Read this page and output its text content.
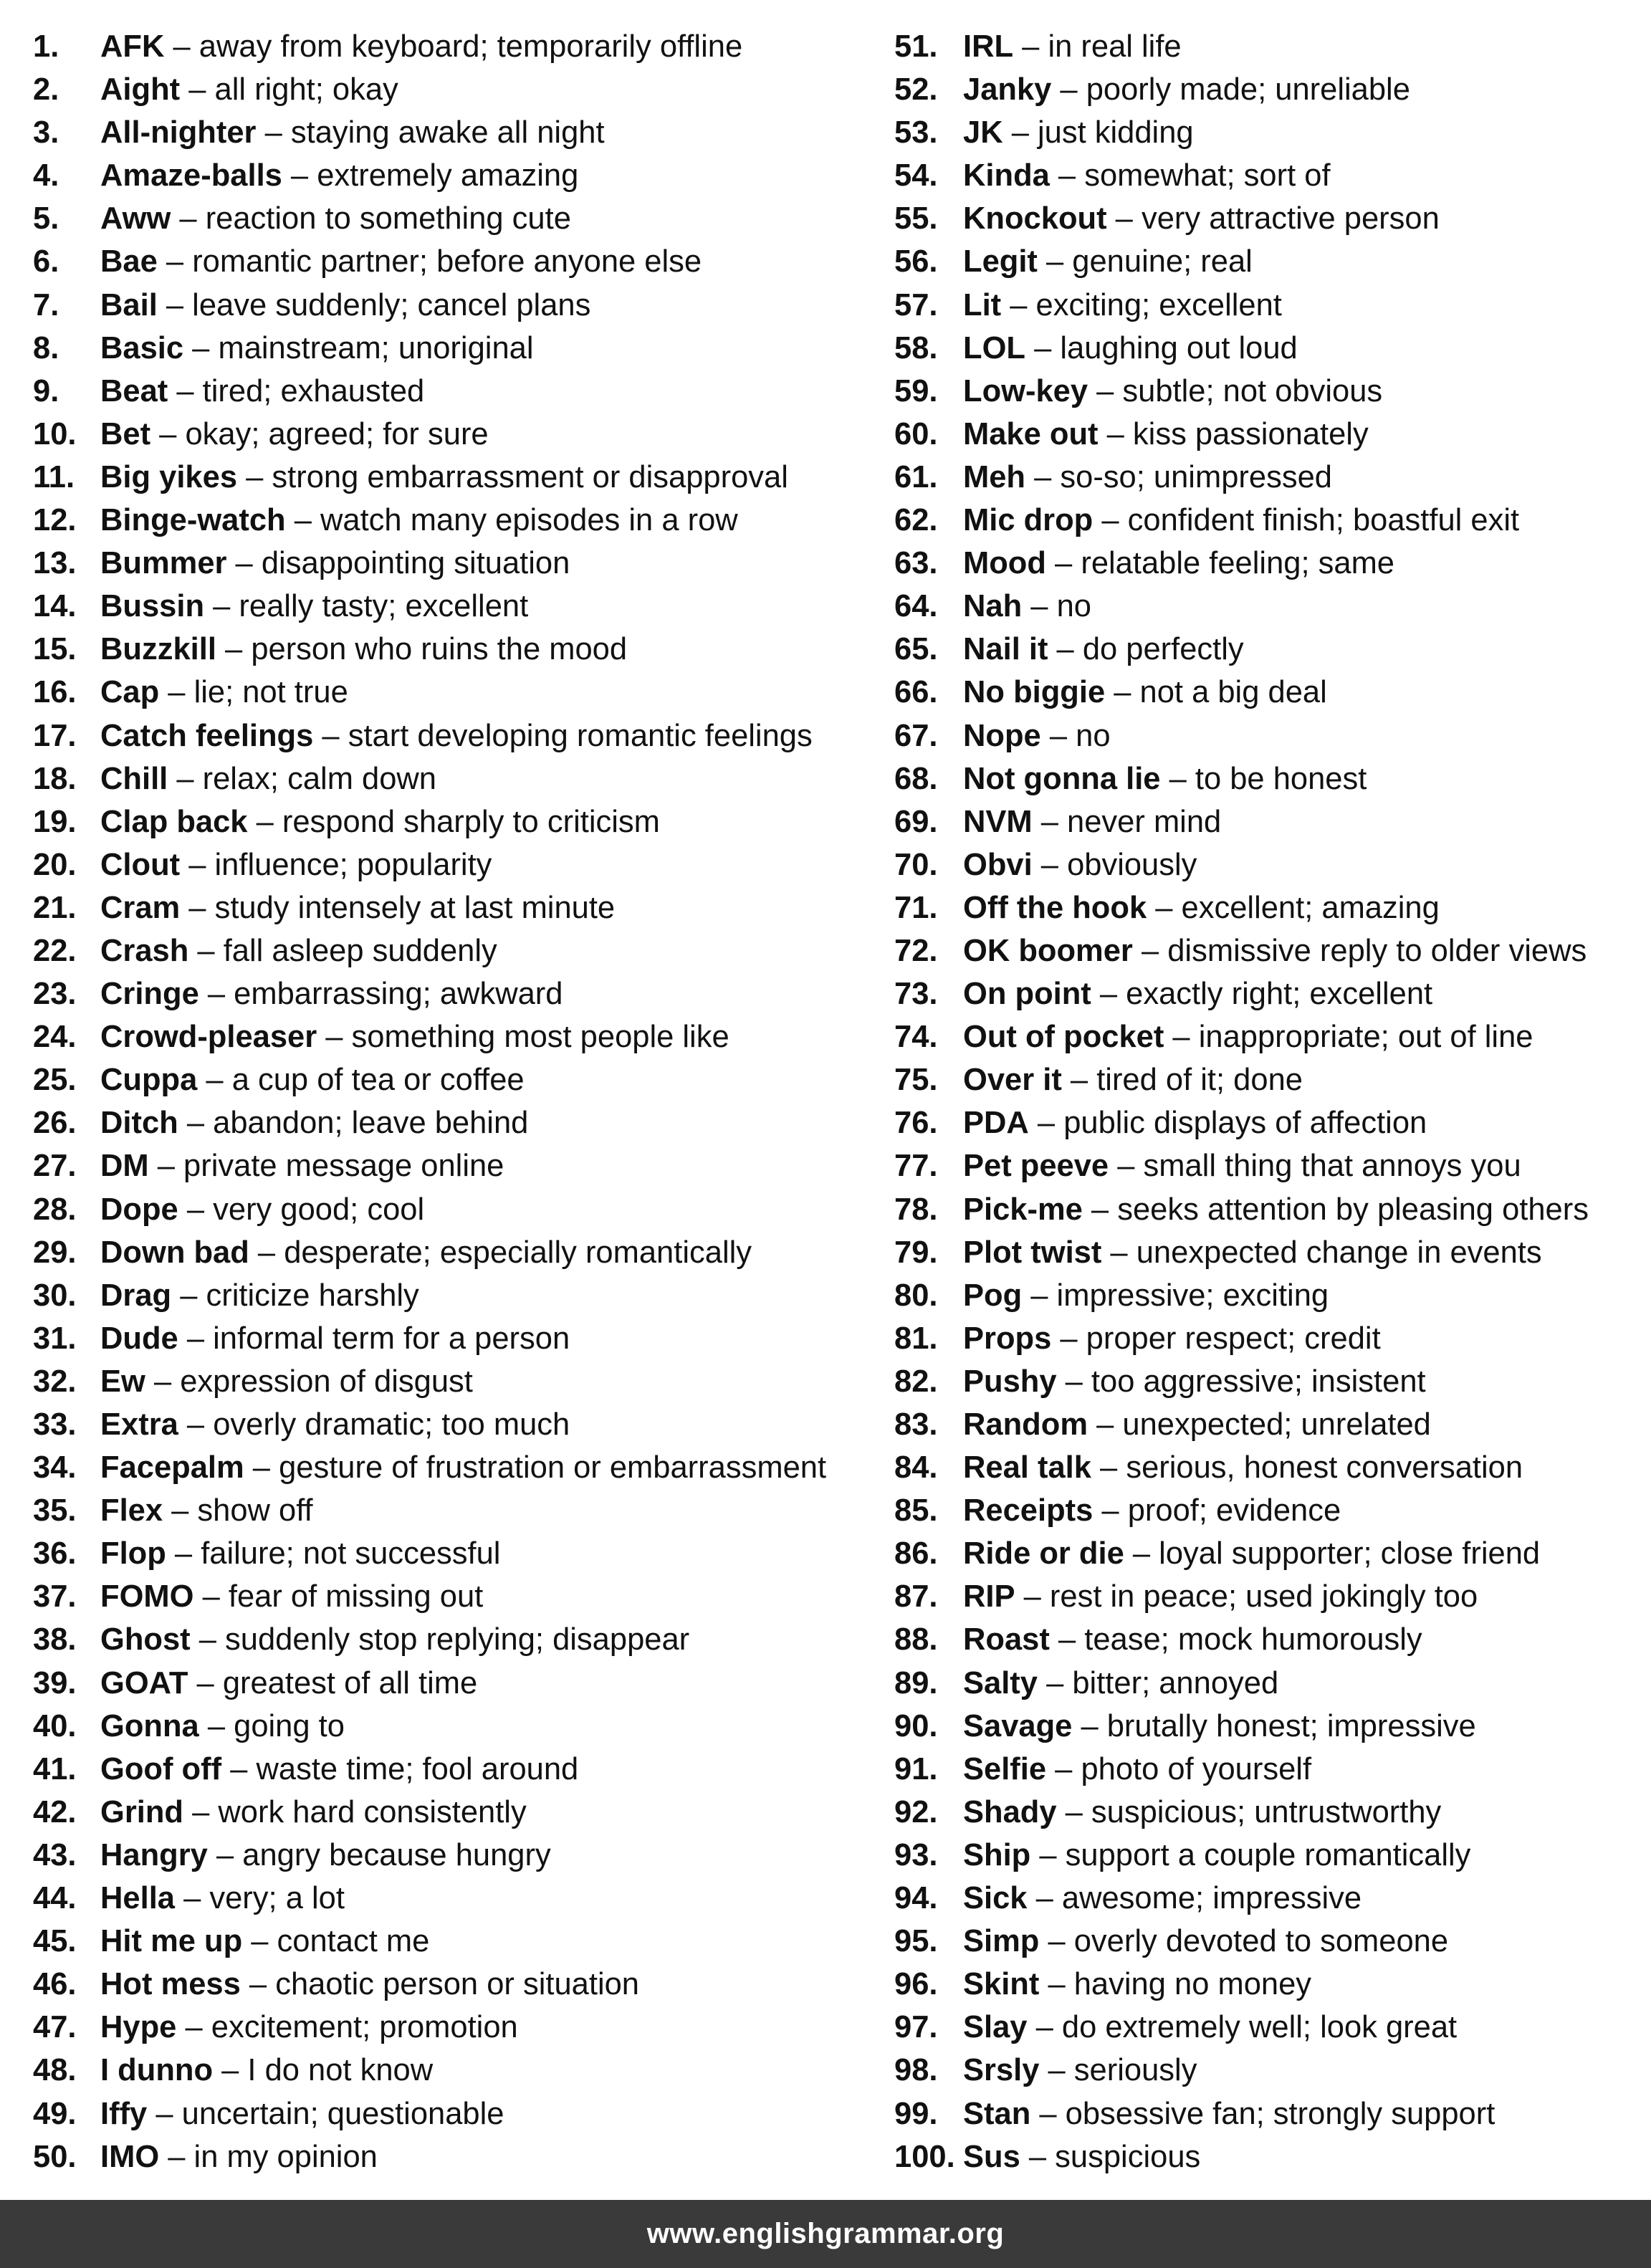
1.	AFK – away from keyboard; temporarily offline
2.	Aight – all right; okay
3.	All-nighter – staying awake all night
4.	Amaze-balls – extremely amazing
5.	Aww – reaction to something cute
6.	Bae – romantic partner; before anyone else
7.	Bail – leave suddenly; cancel plans
8.	Basic – mainstream; unoriginal
9.	Beat – tired; exhausted
10. Bet – okay; agreed; for sure
11. Big yikes – strong embarrassment or disapproval
12. Binge-watch – watch many episodes in a row
13. Bummer – disappointing situation
14. Bussin – really tasty; excellent
15. Buzzkill – person who ruins the mood
16. Cap – lie; not true
17. Catch feelings – start developing romantic feelings
18. Chill – relax; calm down
19. Clap back – respond sharply to criticism
20. Clout – influence; popularity
21. Cram – study intensely at last minute
22. Crash – fall asleep suddenly
23. Cringe – embarrassing; awkward
24. Crowd-pleaser – something most people like
25. Cuppa – a cup of tea or coffee
26. Ditch – abandon; leave behind
27. DM – private message online
28. Dope – very good; cool
29. Down bad – desperate; especially romantically
30. Drag – criticize harshly
31. Dude – informal term for a person
32. Ew – expression of disgust
33. Extra – overly dramatic; too much
34. Facepalm – gesture of frustration or embarrassment
35. Flex – show off
36. Flop – failure; not successful
37. FOMO – fear of missing out
38. Ghost – suddenly stop replying; disappear
39. GOAT – greatest of all time
40. Gonna – going to
41. Goof off – waste time; fool around
42. Grind – work hard consistently
43. Hangry – angry because hungry
44. Hella – very; a lot
45. Hit me up – contact me
46. Hot mess – chaotic person or situation
47. Hype – excitement; promotion
48. I dunno – I do not know
49. Iffy – uncertain; questionable
50. IMO – in my opinion
51. IRL – in real life
52. Janky – poorly made; unreliable
53. JK – just kidding
54. Kinda – somewhat; sort of
55. Knockout – very attractive person
56. Legit – genuine; real
57. Lit – exciting; excellent
58. LOL – laughing out loud
59. Low-key – subtle; not obvious
60. Make out – kiss passionately
61. Meh – so-so; unimpressed
62. Mic drop – confident finish; boastful exit
63. Mood – relatable feeling; same
64. Nah – no
65. Nail it – do perfectly
66. No biggie – not a big deal
67. Nope – no
68. Not gonna lie – to be honest
69. NVM – never mind
70. Obvi – obviously
71. Off the hook – excellent; amazing
72. OK boomer – dismissive reply to older views
73. On point – exactly right; excellent
74. Out of pocket – inappropriate; out of line
75. Over it – tired of it; done
76. PDA – public displays of affection
77. Pet peeve – small thing that annoys you
78. Pick-me – seeks attention by pleasing others
79. Plot twist – unexpected change in events
80. Pog – impressive; exciting
81. Props – proper respect; credit
82. Pushy – too aggressive; insistent
83. Random – unexpected; unrelated
84. Real talk – serious, honest conversation
85. Receipts – proof; evidence
86. Ride or die – loyal supporter; close friend
87. RIP – rest in peace; used jokingly too
88. Roast – tease; mock humorously
89. Salty – bitter; annoyed
90. Savage – brutally honest; impressive
91. Selfie – photo of yourself
92. Shady – suspicious; untrustworthy
93. Ship – support a couple romantically
94. Sick – awesome; impressive
95. Simp – overly devoted to someone
96. Skint – having no money
97. Slay – do extremely well; look great
98. Srsly – seriously
99. Stan – obsessive fan; strongly support
100. Sus – suspicious
www.englishgrammar.org
